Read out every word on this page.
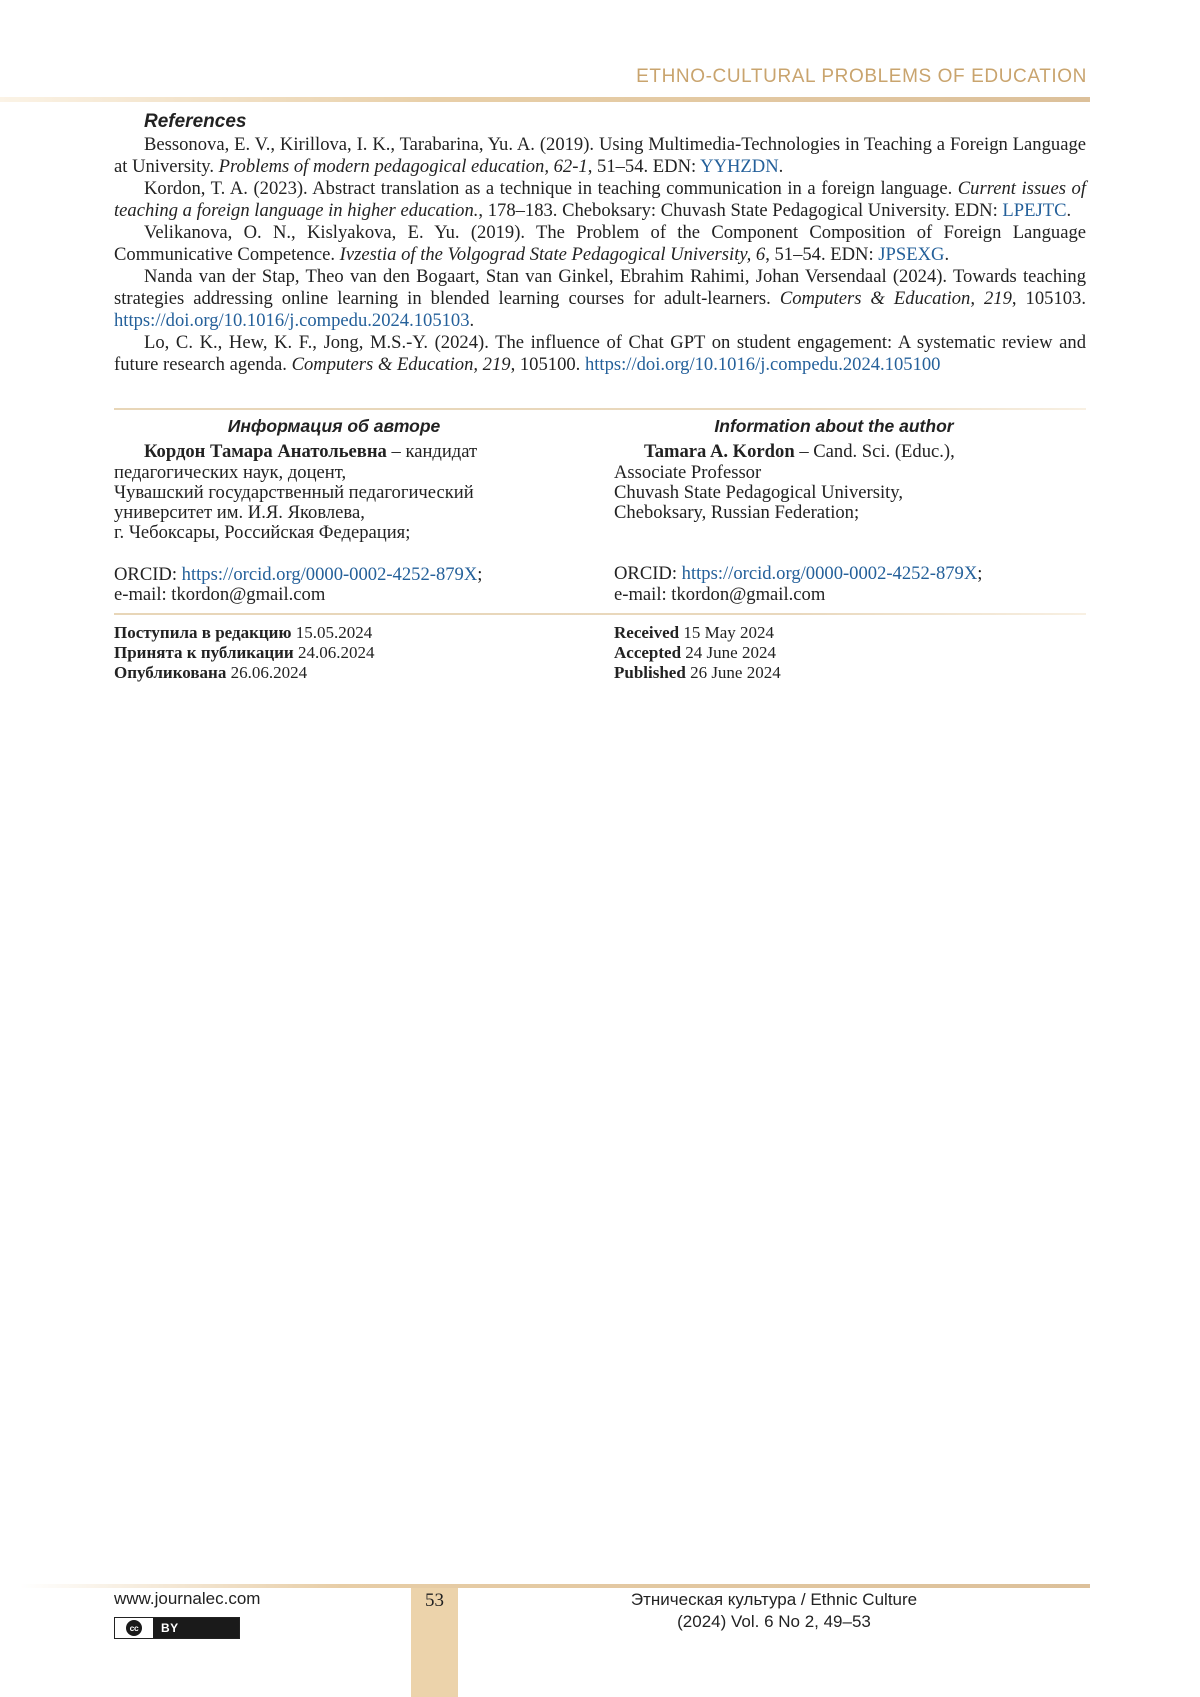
ETHNO-CULTURAL PROBLEMS OF EDUCATION
References

Bessonova, E. V., Kirillova, I. K., Tarabarina, Yu. A. (2019). Using Multimedia-Technologies in Teaching a Foreign Language at University. Problems of modern pedagogical education, 62-1, 51–54. EDN: YYHZDN.

Kordon, T. A. (2023). Abstract translation as a technique in teaching communication in a foreign language. Current issues of teaching a foreign language in higher education., 178–183. Cheboksary: Chuvash State Pedagogical University. EDN: LPEJTC.

Velikanova, O. N., Kislyakova, E. Yu. (2019). The Problem of the Component Composition of Foreign Language Communicative Competence. Ivzestia of the Volgograd State Pedagogical University, 6, 51–54. EDN: JPSEXG.

Nanda van der Stap, Theo van den Bogaart, Stan van Ginkel, Ebrahim Rahimi, Johan Versendaal (2024). Towards teaching strategies addressing online learning in blended learning courses for adult-learners. Computers & Education, 219, 105103. https://doi.org/10.1016/j.compedu.2024.105103.

Lo, C. K., Hew, K. F., Jong, M.S.-Y. (2024). The influence of Chat GPT on student engagement: A systematic review and future research agenda. Computers & Education, 219, 105100. https://doi.org/10.1016/j.compedu.2024.105100

Информация об авторе
Кордон Тамара Анатольевна – кандидат
педагогических наук, доцент,
Чувашский государственный педагогический
университет им. И.Я. Яковлева,
г. Чебоксары, Российская Федерация;
ORCID: https://orcid.org/0000-0002-4252-879X;
e-mail: tkordon@gmail.com
Information about the author
Tamara A. Kordon – Cand. Sci. (Educ.),
Associate Professor
Chuvash State Pedagogical University,
Cheboksary, Russian Federation;
ORCID: https://orcid.org/0000-0002-4252-879X;
e-mail: tkordon@gmail.com
Поступила в редакцию 15.05.2024
Принята к публикации 24.06.2024
Опубликована 26.06.2024
Received 15 May 2024
Accepted 24 June 2024
Published 26 June 2024
53
www.journalec.com
cc	BY
Этническая культура / Ethnic Culture
(2024) Vol. 6 No 2, 49–53
